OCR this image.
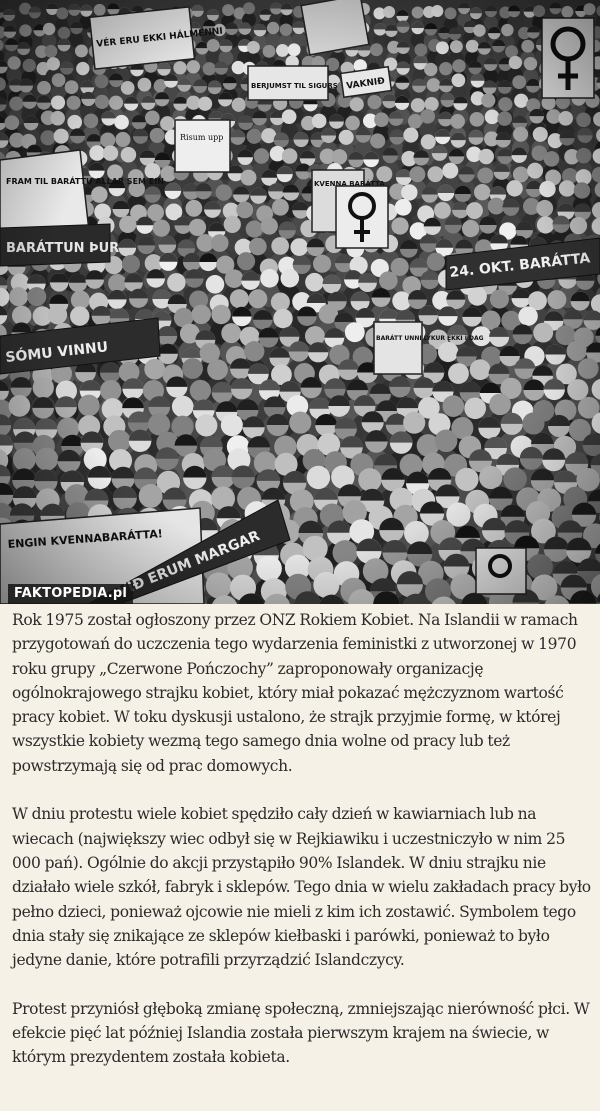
FAKTOPEDIA.pl

Rok 1975 został ogłoszony przez ONZ Rokiem Kobiet. Na Islandii w ramach przygotowań do uczczenia tego wydarzenia feministki z utworzonej w 1970 roku grupy „Czerwone Pończochy” zaproponowały organizację ogólnokrajowego strajku kobiet, który miał pokazać mężczyznom wartość pracy kobiet. W toku dyskusji ustalono, że strajk przyjmie formę, w której wszystkie kobiety wezmą tego samego dnia wolne od pracy lub też powstrzymają się od prac domowych.

W dniu protestu wiele kobiet spędziło cały dzień w kawiarniach lub na wiecach (największy wiec odbył się w Rejkiawiku i uczestniczyło w nim 25 000 pań). Ogólnie do akcji przystąpiło 90% Islandek. W dniu strajku nie działało wiele szkół, fabryk i sklepów. Tego dnia w wielu zakładach pracy było pełno dzieci, ponieważ ojcowie nie mieli z kim ich zostawić. Symbolem tego dnia stały się znikające ze sklepów kiełbaski i parówki, ponieważ to było jedyne danie, które potrafili przyrządzić Islandczycy.

Protest przyniósł głęboką zmianę społeczną, zmniejszając nierówność płci. W efekcie pięć lat później Islandia została pierwszym krajem na świecie, w którym prezydentem została kobieta.
